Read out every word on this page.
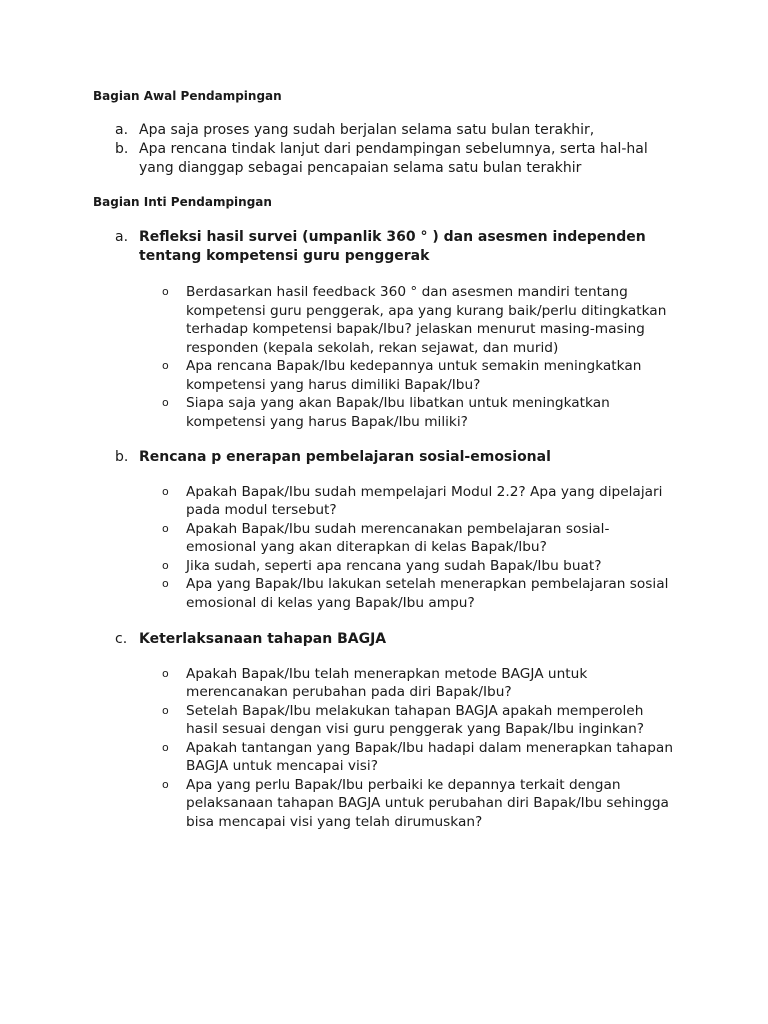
Bagian Awal Pendampingan
a. Apa saja proses yang sudah berjalan selama satu bulan terakhir,
b. Apa rencana tindak lanjut dari pendampingan sebelumnya, serta hal-hal yang dianggap sebagai pencapaian selama satu bulan terakhir
Bagian Inti Pendampingan
a. Refleksi hasil survei (umpanlik 360 ° ) dan asesmen independen tentang kompetensi guru penggerak
o Berdasarkan hasil feedback 360 ° dan asesmen mandiri tentang kompetensi guru penggerak, apa yang kurang baik/perlu ditingkatkan terhadap kompetensi bapak/Ibu? jelaskan menurut masing-masing responden (kepala sekolah, rekan sejawat, dan murid)
o Apa rencana Bapak/Ibu kedepannya untuk semakin meningkatkan kompetensi yang harus dimiliki Bapak/Ibu?
o Siapa saja yang akan Bapak/Ibu libatkan untuk meningkatkan kompetensi yang harus Bapak/Ibu miliki?
b. Rencana p enerapan pembelajaran sosial-emosional
o Apakah Bapak/Ibu sudah mempelajari Modul 2.2? Apa yang dipelajari pada modul tersebut?
o Apakah Bapak/Ibu sudah merencanakan pembelajaran sosial-emosional yang akan diterapkan di kelas Bapak/Ibu?
o Jika sudah, seperti apa rencana yang sudah Bapak/Ibu buat?
o Apa yang Bapak/Ibu lakukan setelah menerapkan pembelajaran sosial emosional di kelas yang Bapak/Ibu ampu?
c. Keterlaksanaan tahapan BAGJA
o Apakah Bapak/Ibu telah menerapkan metode BAGJA untuk merencanakan perubahan pada diri Bapak/Ibu?
o Setelah Bapak/Ibu melakukan tahapan BAGJA apakah memperoleh hasil sesuai dengan visi guru penggerak yang Bapak/Ibu inginkan?
o Apakah tantangan yang Bapak/Ibu hadapi dalam menerapkan tahapan BAGJA untuk mencapai visi?
o Apa yang perlu Bapak/Ibu perbaiki ke depannya terkait dengan pelaksanaan tahapan BAGJA untuk perubahan diri Bapak/Ibu sehingga bisa mencapai visi yang telah dirumuskan?
